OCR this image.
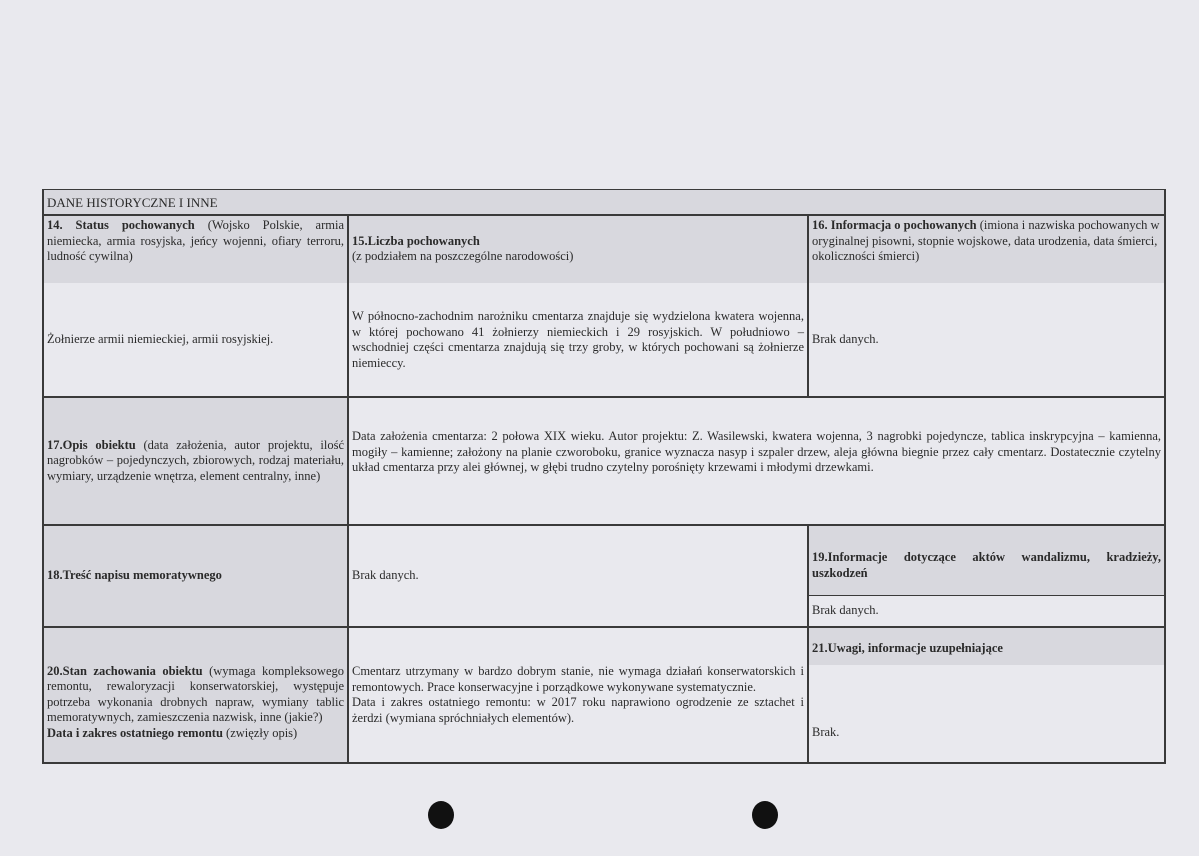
DANE HISTORYCZNE I INNE
14. Status pochowanych (Wojsko Polskie, armia niemiecka, armia rosyjska, jeńcy wojenni, ofiary terroru, ludność cywilna)
Żołnierze armii niemieckiej, armii rosyjskiej.
15.Liczba pochowanych
(z podziałem na poszczególne narodowości)
W północno-zachodnim narożniku cmentarza znajduje się wydzielona kwatera wojenna, w której pochowano 41 żołnierzy niemieckich i 29 rosyjskich. W południowo – wschodniej części cmentarza znajdują się trzy groby, w których pochowani są żołnierze niemieccy.
16. Informacja o pochowanych (imiona i nazwiska pochowanych w oryginalnej pisowni, stopnie wojskowe, data urodzenia, data śmierci, okoliczności śmierci)
Brak danych.
17.Opis obiektu (data założenia, autor projektu, ilość nagrobków – pojedynczych, zbiorowych, rodzaj materiału, wymiary, urządzenie wnętrza, element centralny, inne)
Data założenia cmentarza: 2 połowa XIX wieku. Autor projektu: Z. Wasilewski, kwatera wojenna, 3 nagrobki pojedyncze, tablica inskrypcyjna – kamienna, mogiły – kamienne; założony na planie czworoboku, granice wyznacza nasyp i szpaler drzew, aleja główna biegnie przez cały cmentarz. Dostatecznie czytelny układ cmentarza przy alei głównej, w głębi trudno czytelny porośnięty krzewami i młodymi drzewkami.
18.Treść napisu memoratywnego	Brak danych.
19.Informacje dotyczące aktów wandalizmu, kradzieży, uszkodzeń
Brak danych.
20.Stan zachowania obiektu (wymaga kompleksowego remontu, rewaloryzacji konserwatorskiej, występuje potrzeba wykonania drobnych napraw, wymiany tablic memoratywnych, zamieszczenia nazwisk, inne (jakie?)
Data i zakres ostatniego remontu (zwięzły opis)
Cmentarz utrzymany w bardzo dobrym stanie, nie wymaga działań konserwatorskich i remontowych. Prace konserwacyjne i porządkowe wykonywane systematycznie.
Data i zakres ostatniego remontu: w 2017 roku naprawiono ogrodzenie ze sztachet i żerdzi (wymiana spróchniałych elementów).
21.Uwagi, informacje uzupełniające
Brak.
